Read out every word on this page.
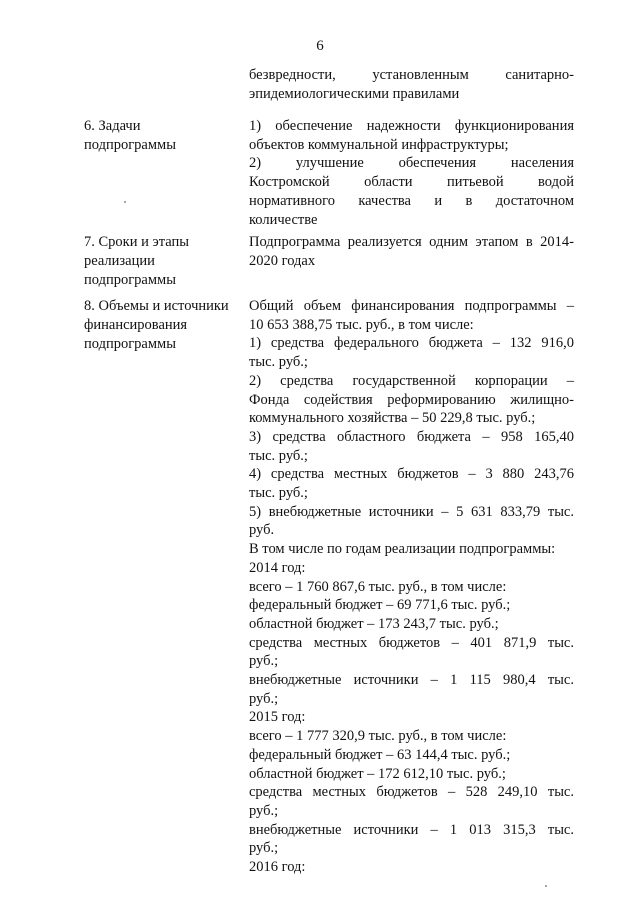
6
безвредности, установленным санитарно-
эпидемиологическими правилами
6. Задачи
подпрограммы
1) обеспечение надежности функционирования
объектов коммунальной инфраструктуры;
2) улучшение обеспечения населения
Костромской области питьевой водой
нормативного качества и в достаточном
количестве
7. Сроки и этапы
реализации
подпрограммы
Подпрограмма реализуется одним этапом в 2014-
2020 годах
8. Объемы и источники
финансирования
подпрограммы
Общий объем финансирования подпрограммы –
10 653 388,75 тыс. руб., в том числе:
1) средства федерального бюджета – 132 916,0
тыс. руб.;
2) средства государственной корпорации –
Фонда содействия реформированию жилищно-
коммунального хозяйства – 50 229,8 тыс. руб.;
3) средства областного бюджета – 958 165,40
тыс. руб.;
4) средства местных бюджетов – 3 880 243,76
тыс. руб.;
5) внебюджетные источники – 5 631 833,79 тыс.
руб.
В том числе по годам реализации подпрограммы:
2014 год:
всего – 1 760 867,6 тыс. руб., в том числе:
федеральный бюджет – 69 771,6 тыс. руб.;
областной бюджет – 173 243,7 тыс. руб.;
средства местных бюджетов – 401 871,9 тыс.
руб.;
внебюджетные источники – 1 115 980,4 тыс.
руб.;
2015 год:
всего – 1 777 320,9 тыс. руб., в том числе:
федеральный бюджет – 63 144,4 тыс. руб.;
областной бюджет – 172 612,10 тыс. руб.;
средства местных бюджетов – 528 249,10 тыс.
руб.;
внебюджетные источники – 1 013 315,3 тыс.
руб.;
2016 год:
